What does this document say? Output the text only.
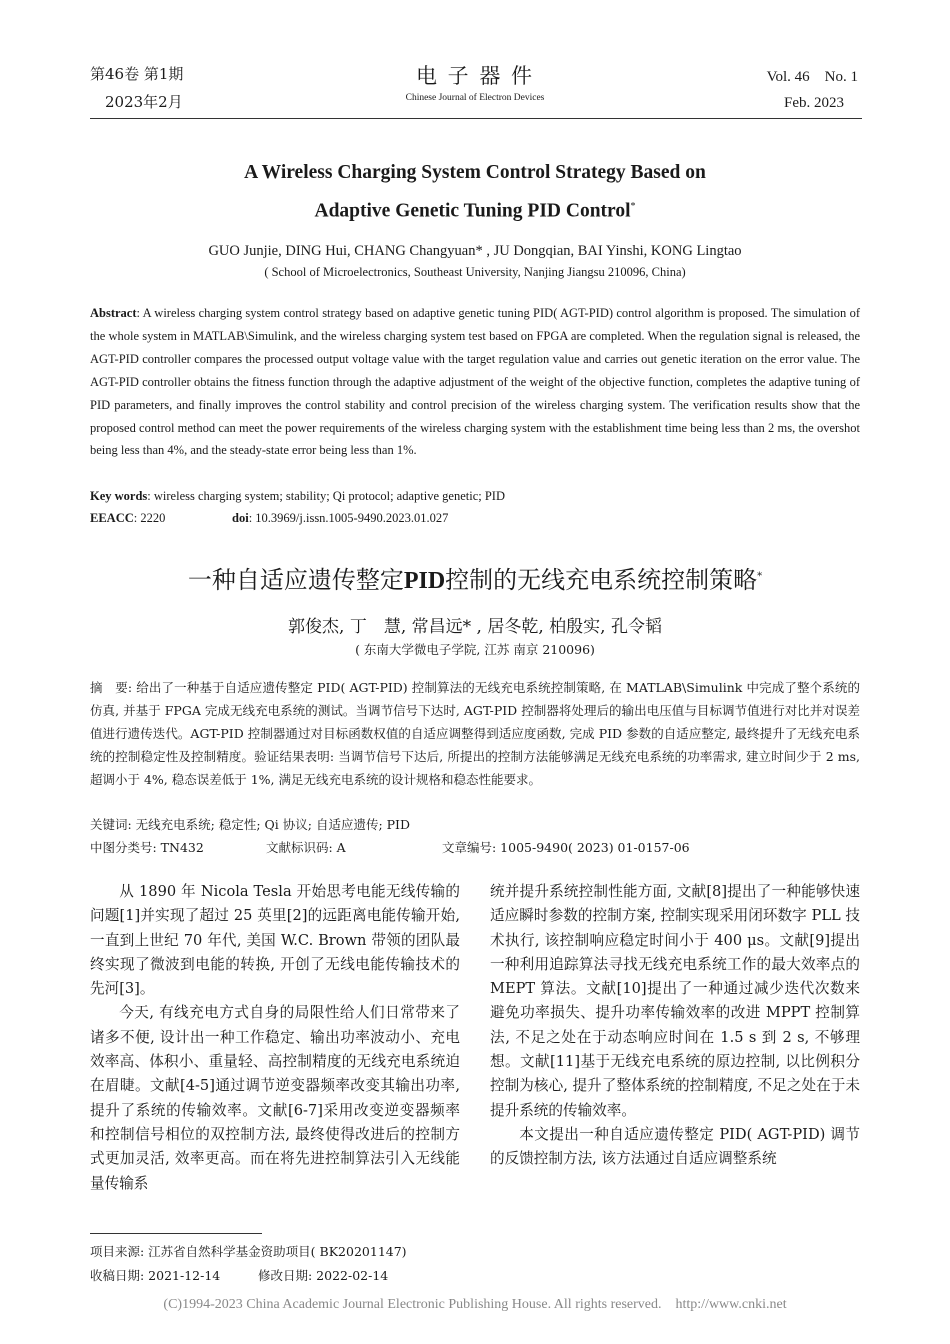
第46卷 第1期
2023年2月
电 子 器 件
Chinese Journal of Electron Devices
Vol. 46    No. 1
Feb. 2023
A Wireless Charging System Control Strategy Based on
Adaptive Genetic Tuning PID Control*
GUO Junjie, DING Hui, CHANG Changyuan* , JU Dongqian, BAI Yinshi, KONG Lingtao
( School of Microelectronics, Southeast University, Nanjing Jiangsu 210096, China)
Abstract: A wireless charging system control strategy based on adaptive genetic tuning PID( AGT-PID) control algorithm is proposed. The simulation of the whole system in MATLAB\Simulink, and the wireless charging system test based on FPGA are completed. When the regulation signal is released, the AGT-PID controller compares the processed output voltage value with the target regulation value and carries out genetic iteration on the error value. The AGT-PID controller obtains the fitness function through the adaptive adjustment of the weight of the objective function, completes the adaptive tuning of PID parameters, and finally improves the control stability and control precision of the wireless charging system. The verification results show that the proposed control method can meet the power requirements of the wireless charging system with the establishment time being less than 2 ms, the overshot being less than 4%, and the steady-state error being less than 1%.
Key words: wireless charging system; stability; Qi protocol; adaptive genetic; PID
EEACC: 2220	doi: 10.3969/j.issn.1005-9490.2023.01.027
一种自适应遗传整定PID控制的无线充电系统控制策略*
郭俊杰, 丁　慧, 常昌远* , 居冬乾, 柏殷实, 孔令韬
( 东南大学微电子学院, 江苏 南京 210096)
摘　要: 给出了一种基于自适应遗传整定 PID( AGT-PID) 控制算法的无线充电系统控制策略, 在 MATLAB\Simulink 中完成了整个系统的仿真, 并基于 FPGA 完成无线充电系统的测试。当调节信号下达时, AGT-PID 控制器将处理后的输出电压值与目标调节值进行对比并对误差值进行遗传迭代。AGT-PID 控制器通过对目标函数权值的自适应调整得到适应度函数, 完成 PID 参数的自适应整定, 最终提升了无线充电系统的控制稳定性及控制精度。验证结果表明: 当调节信号下达后, 所提出的控制方法能够满足无线充电系统的功率需求, 建立时间少于 2 ms, 超调小于 4%, 稳态误差低于 1%, 满足无线充电系统的设计规格和稳态性能要求。
关键词: 无线充电系统; 稳定性; Qi 协议; 自适应遗传; PID
中图分类号: TN432	文献标识码: A	文章编号: 1005-9490( 2023) 01-0157-06

从 1890 年 Nicola Tesla 开始思考电能无线传输的问题[1]并实现了超过 25 英里[2]的远距离电能传输开始, 一直到上世纪 70 年代, 美国 W.C. Brown 带领的团队最终实现了微波到电能的转换, 开创了无线电能传输技术的先河[3]。

今天, 有线充电方式自身的局限性给人们日常带来了诸多不便, 设计出一种工作稳定、输出功率波动小、充电效率高、体积小、重量轻、高控制精度的无线充电系统迫在眉睫。文献[4-5]通过调节逆变器频率改变其输出功率, 提升了系统的传输效率。文献[6-7]采用改变逆变器频率和控制信号相位的双控制方法, 最终使得改进后的控制方式更加灵活, 效率更高。而在将先进控制算法引入无线能量传输系

统并提升系统控制性能方面, 文献[8]提出了一种能够快速适应瞬时参数的控制方案, 控制实现采用闭环数字 PLL 技术执行, 该控制响应稳定时间小于 400 μs。文献[9]提出一种利用追踪算法寻找无线充电系统工作的最大效率点的 MEPT 算法。文献[10]提出了一种通过减少迭代次数来避免功率损失、提升功率传输效率的改进 MPPT 控制算法, 不足之处在于动态响应时间在 1.5 s 到 2 s, 不够理想。文献[11]基于无线充电系统的原边控制, 以比例积分控制为核心, 提升了整体系统的控制精度, 不足之处在于未提升系统的传输效率。

本文提出一种自适应遗传整定 PID( AGT-PID) 调节的反馈控制方法, 该方法通过自适应调整系统

项目来源: 江苏省自然科学基金资助项目( BK20201147)
收稿日期: 2021-12-14	修改日期: 2022-02-14
(C)1994-2023 China Academic Journal Electronic Publishing House. All rights reserved. http://www.cnki.net
